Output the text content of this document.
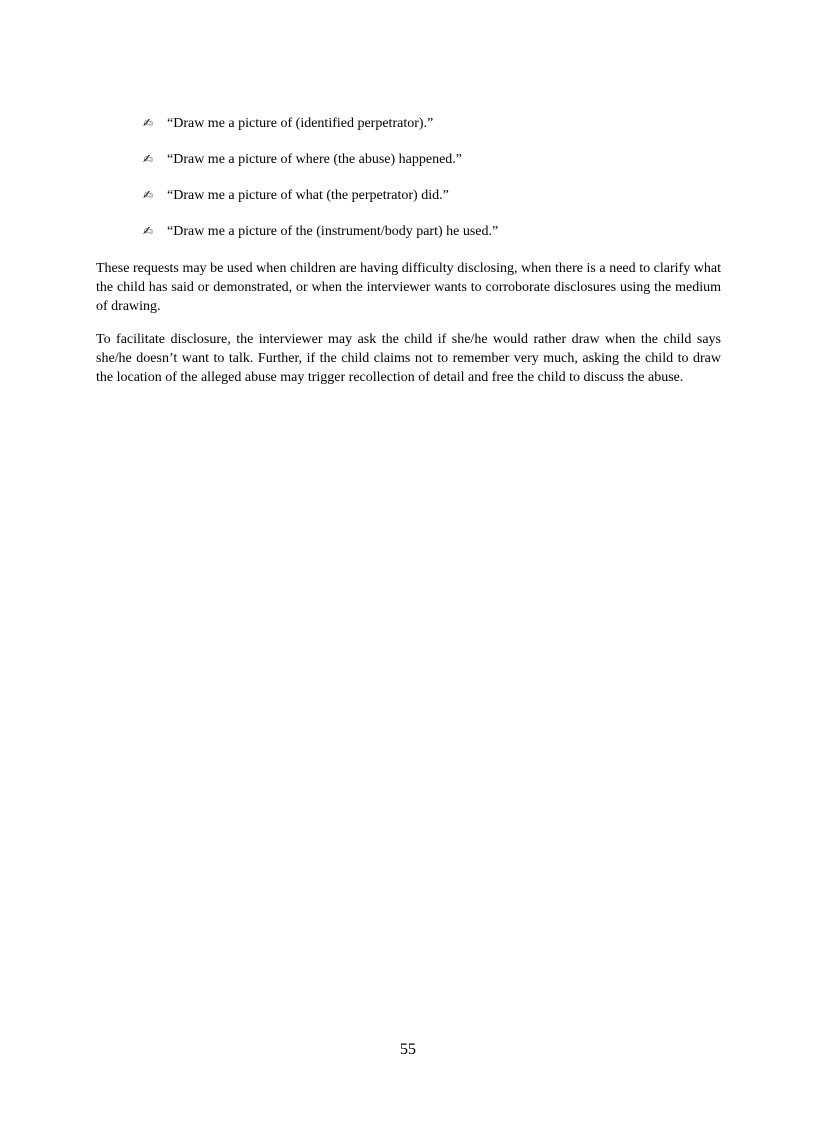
✍ “Draw me a picture of (identified perpetrator).”
✍ “Draw me a picture of where (the abuse) happened.”
✍ “Draw me a picture of what (the perpetrator) did.”
✍ “Draw me a picture of the (instrument/body part) he used.”

These requests may be used when children are having difficulty disclosing, when there is a need to clarify what the child has said or demonstrated, or when the interviewer wants to corroborate disclosures using the medium of drawing.

To facilitate disclosure, the interviewer may ask the child if she/he would rather draw when the child says she/he doesn’t want to talk. Further, if the child claims not to remember very much, asking the child to draw the location of the alleged abuse may trigger recollection of detail and free the child to discuss the abuse.

55
